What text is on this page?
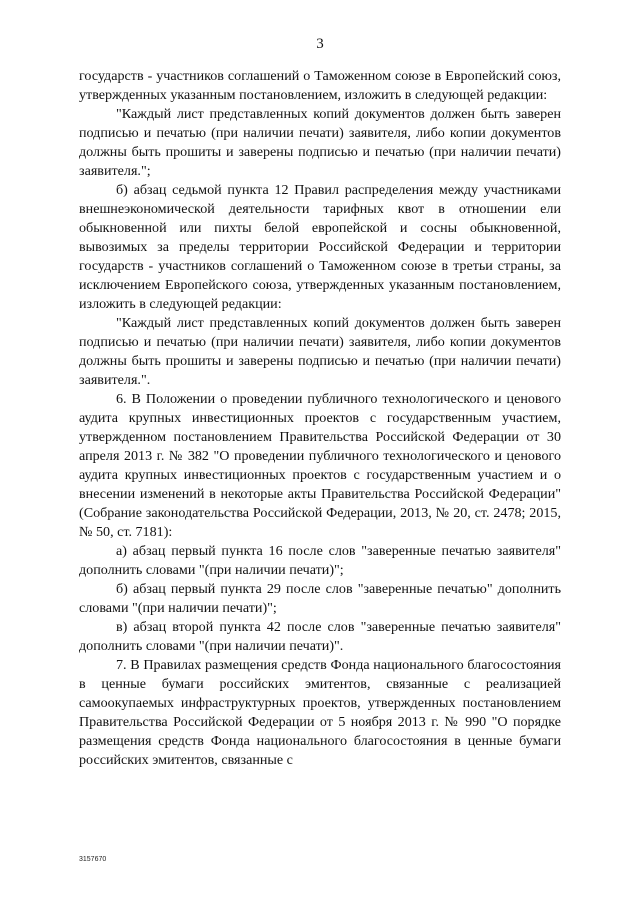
3

государств - участников соглашений о Таможенном союзе в Европейский союз, утвержденных указанным постановлением, изложить в следующей редакции:

"Каждый лист представленных копий документов должен быть заверен подписью и печатью (при наличии печати) заявителя, либо копии документов должны быть прошиты и заверены подписью и печатью (при наличии печати) заявителя.";

б) абзац седьмой пункта 12 Правил распределения между участниками внешнеэкономической деятельности тарифных квот в отношении ели обыкновенной или пихты белой европейской и сосны обыкновенной, вывозимых за пределы территории Российской Федерации и территории государств - участников соглашений о Таможенном союзе в третьи страны, за исключением Европейского союза, утвержденных указанным постановлением, изложить в следующей редакции:

"Каждый лист представленных копий документов должен быть заверен подписью и печатью (при наличии печати) заявителя, либо копии документов должны быть прошиты и заверены подписью и печатью (при наличии печати) заявителя.".

6. В Положении о проведении публичного технологического и ценового аудита крупных инвестиционных проектов с государственным участием, утвержденном постановлением Правительства Российской Федерации от 30 апреля 2013 г. № 382 "О проведении публичного технологического и ценового аудита крупных инвестиционных проектов с государственным участием и о внесении изменений в некоторые акты Правительства Российской Федерации" (Собрание законодательства Российской Федерации, 2013, № 20, ст. 2478; 2015, № 50, ст. 7181):

а) абзац первый пункта 16 после слов "заверенные печатью заявителя" дополнить словами "(при наличии печати)";

б) абзац первый пункта 29 после слов "заверенные печатью" дополнить словами "(при наличии печати)";

в) абзац второй пункта 42 после слов "заверенные печатью заявителя" дополнить словами "(при наличии печати)".

7. В Правилах размещения средств Фонда национального благосостояния в ценные бумаги российских эмитентов, связанные с реализацией самоокупаемых инфраструктурных проектов, утвержденных постановлением Правительства Российской Федерации от 5 ноября 2013 г. № 990 "О порядке размещения средств Фонда национального благосостояния в ценные бумаги российских эмитентов, связанные с

3157670
